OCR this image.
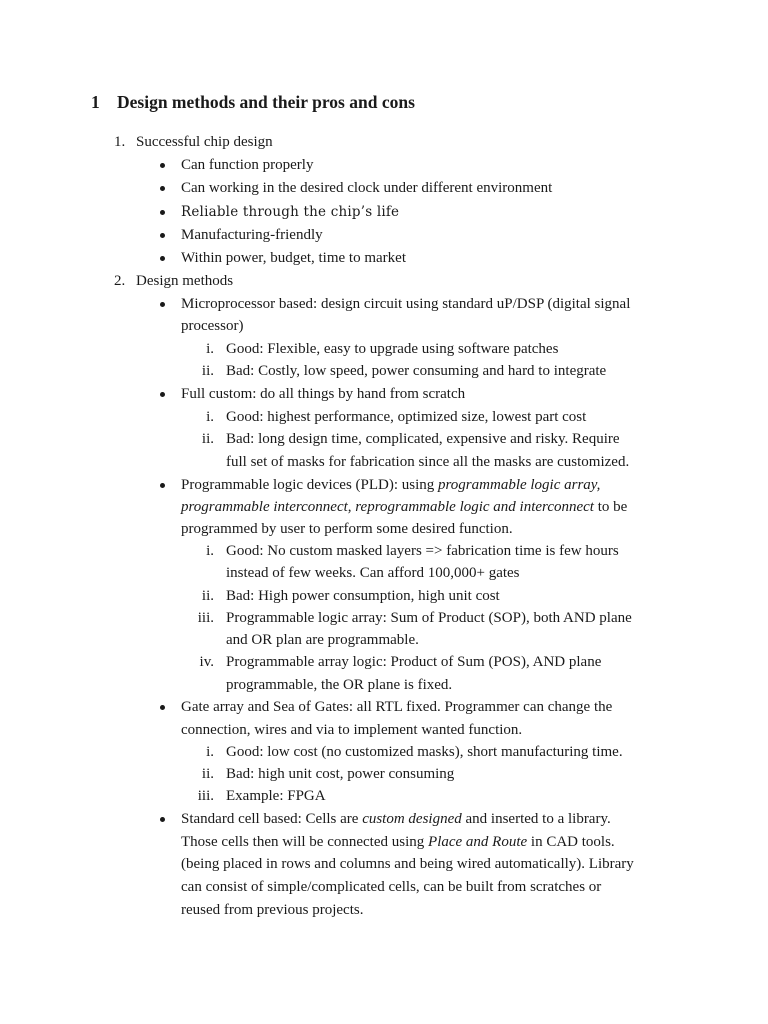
1 Design methods and their pros and cons
1. Successful chip design
Can function properly
Can working in the desired clock under different environment
Reliable through the chip’s life
Manufacturing-friendly
Within power, budget, time to market
2. Design methods
Microprocessor based: design circuit using standard uP/DSP (digital signal
processor)
i. Good: Flexible, easy to upgrade using software patches
ii. Bad: Costly, low speed, power consuming and hard to integrate
Full custom: do all things by hand from scratch
i. Good: highest performance, optimized size, lowest part cost
ii. Bad: long design time, complicated, expensive and risky. Require
full set of masks for fabrication since all the masks are customized.
Programmable logic devices (PLD): using programmable logic array,
programmable interconnect, reprogrammable logic and interconnect to be
programmed by user to perform some desired function.
i. Good: No custom masked layers => fabrication time is few hours
instead of few weeks. Can afford 100,000+ gates
ii. Bad: High power consumption, high unit cost
iii. Programmable logic array: Sum of Product (SOP), both AND plane
and OR plan are programmable.
iv. Programmable array logic: Product of Sum (POS), AND plane
programmable, the OR plane is fixed.
Gate array and Sea of Gates: all RTL fixed. Programmer can change the
connection, wires and via to implement wanted function.
i. Good: low cost (no customized masks), short manufacturing time.
ii. Bad: high unit cost, power consuming
iii. Example: FPGA
Standard cell based: Cells are custom designed and inserted to a library.
Those cells then will be connected using Place and Route in CAD tools.
(being placed in rows and columns and being wired automatically). Library
can consist of simple/complicated cells, can be built from scratches or
reused from previous projects.
